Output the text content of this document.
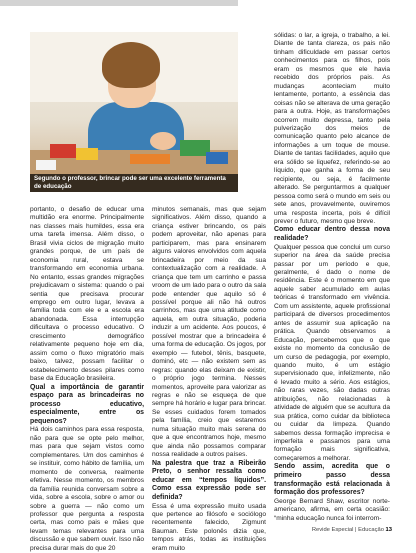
Segundo o professor, brincar pode ser uma excelente ferramenta de educação

portanto, o desafio de educar uma multidão era enorme. Principalmente nas classes mais humildes, essa era uma tarefa imensa. Além disso, o Brasil vivia ciclos de migração muito grandes porque, de um país de economia rural, estava se transformando em economia urbana. No entanto, essas grandes migrações prejudicavam o sistema: quando o pai sentia que precisava procurar emprego em outro lugar, levava a família toda com ele e a escola era abandonada. Essa interrupção dificultava o processo educativo. O crescimento demográfico relativamente pequeno hoje em dia, assim como o fluxo migratório mais baixo, talvez, possam facilitar o estabelecimento desses pilares como base da Educação brasileira.

Qual a importância de garantir espaço para as brincadeiras no processo educativo, especialmente, entre os pequenos?

Há dois caminhos para essa resposta, não para que se opte pelo melhor, mas para que sejam vistos como complementares. Um dos caminhos é se instituir, como hábito de família, um momento de conversa, realmente efetiva. Nesse momento, os membros da família reunida conversam sobre a vida, sobre a escola, sobre o amor ou sobre a guerra — não como um professor que pergunta a resposta certa, mas como pais e mães que levam temas relevantes para uma discussão e que sabem ouvir. Isso não precisa durar mais do que 20

minutos semanais, mas que sejam significativos. Além disso, quando a criança estiver brincando, os pais podem aproveitar, não apenas para participarem, mas para ensinarem alguns valores envolvidos com aquela brincadeira por meio da sua contextualização com a realidade. A criança que tem um carrinho e passa vroom de um lado para o outro da sala pode entender que aquilo só é possível porque ali não há outros carrinhos, mas que uma atitude como aquela, em outra situação, poderia induzir a um acidente. Aos poucos, é possível mostrar que a brincadeira é uma forma de educação. Os jogos, por exemplo — futebol, tênis, basquete, dominó, etc — não existem sem as regras: quando elas deixam de existir, o próprio jogo termina. Nesses momentos, aproveite para valorizar as regras e não se esqueça de que sempre há horário e lugar para brincar. Se esses cuidados forem tomados pela família, creio que estaremos numa situação muito mais serena do que a que encontramos hoje, mesmo que ainda não possamos comparar nossa realidade a outros países.

Na palestra que traz a Ribeirão Preto, o senhor ressalta como educar em “tempos líquidos”. Como essa expressão pode ser definida?

Essa é uma expressão muito usada que pertence ao filósofo e sociólogo recentemente falecido, Zigmunt Bauman. Este polonês dizia que, tempos atrás, todas as instituições eram muito

sólidas: o lar, a igreja, o trabalho, a lei. Diante de tanta clareza, os pais não tinham dificuldade em passar certos conhecimentos para os filhos, pois eram os mesmos que ele havia recebido dos próprios pais. As mudanças aconteciam muito lentamente, portanto, a essência das coisas não se alterava de uma geração para a outra. Hoje, as transformações ocorrem muito depressa, tanto pela pulverização dos meios de comunicação quanto pelo alcance de informações a um toque de mouse. Diante de tantas facilidades, aquilo que era sólido se liquefez, referindo-se ao líquido, que ganha a forma de seu recipiente, ou seja, é facilmente alterado. Se perguntarmos a qualquer pessoa como será o mundo em seis ou sete anos, provavelmente, ouviremos uma resposta incerta, pois é difícil prever o futuro, mesmo que breve.

Como educar dentro dessa nova realidade?

Qualquer pessoa que conclui um curso superior na área da saúde precisa passar por um período e que, geralmente, é dado o nome de residência. Este é o momento em que aquele saber acumulado em aulas teóricas é transformado em vivência. Com um assistente, aquele profissional participará de diversos procedimentos antes de assumir sua aplicação na prática. Quando observamos a Educação, percebemos que o que existe no momento da conclusão de um curso de pedagogia, por exemplo, quando muito, é um estágio supervisionado que, infelizmente, não é levado muito a sério. Aos estágios, não raras vezes, são dadas outras atribuições, não relacionadas à atividade de alguém que se acultura da sua prática, como cuidar da biblioteca ou cuidar da limpeza. Quando sabemos dessa formação imprecisa e imperfeita e passamos para uma formação mais significativa, começaremos a melhorar.

Sendo assim, acredita que o primeiro passo dessa transformação está relacionada à formação dos professores?

George Bernard Shaw, escritor norte-americano, afirma, em certa ocasião: “minha educação nunca foi interrom-

Revide Especial | Educação 13
